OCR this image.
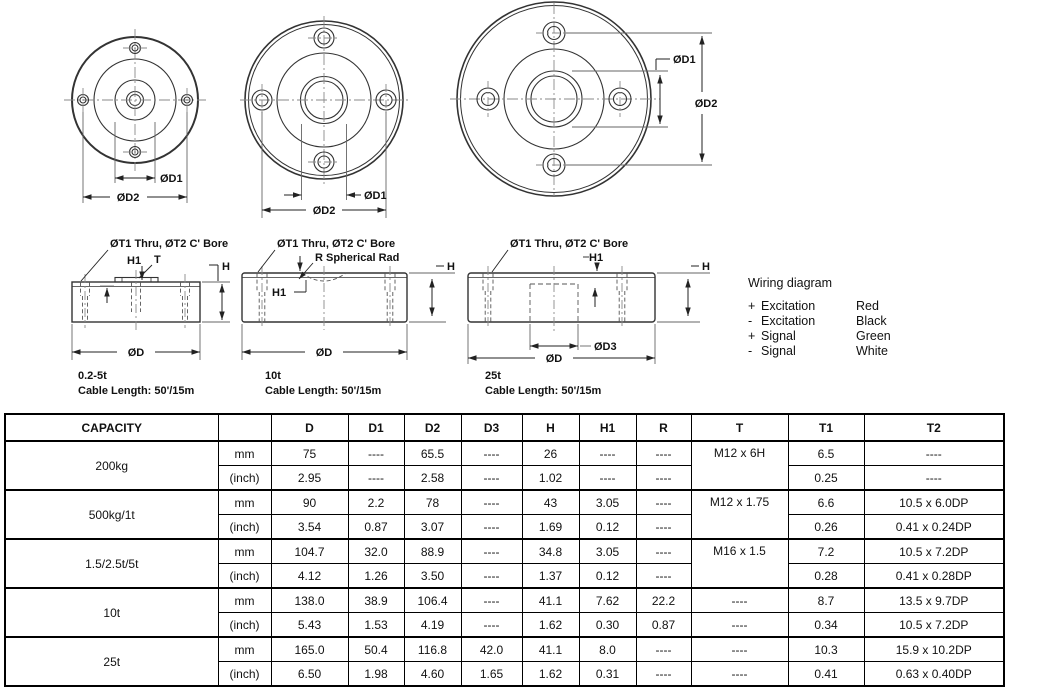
ØD1
ØD2	ØD1
ØD2
ØD1
ØD2
ØT1 Thru, ØT2 C' Bore
H1 T
H
ØD
0.2-5t
Cable Length: 50'/15m
ØT1 Thru, ØT2 C' Bore
R Spherical Rad
H1
H
ØD
10t
Cable Length: 50'/15m
ØT1 Thru, ØT2 C' Bore
H1
H
ØD3
ØD
25t
Cable Length: 50'/15m

Wiring diagram

+ Excitation	Red
- Excitation	Black
+ Signal	Green
- Signal	White
CAPACITY		D	D1	D2	D3	H	H1	R	T	T1	T2
200kg	mm	75	----	65.5	----	26	----	----	M12 x 6H	6.5	----
	(inch)	2.95	----	2.58	----	1.02	----	----		0.25	----
500kg/1t	mm	90	2.2	78	----	43	3.05	----	M12 x 1.75	6.6	10.5 x 6.0DP
	(inch)	3.54	0.87	3.07	----	1.69	0.12	----		0.26	0.41 x 0.24DP
1.5/2.5t/5t	mm	104.7	32.0	88.9	----	34.8	3.05	----	M16 x 1.5	7.2	10.5 x 7.2DP
	(inch)	4.12	1.26	3.50	----	1.37	0.12	----		0.28	0.41 x 0.28DP
10t	mm	138.0	38.9	106.4	----	41.1	7.62	22.2	----	8.7	13.5 x 9.7DP
	(inch)	5.43	1.53	4.19	----	1.62	0.30	0.87	----	0.34	10.5 x 7.2DP
25t	mm	165.0	50.4	116.8	42.0	41.1	8.0	----	----	10.3	15.9 x 10.2DP
	(inch)	6.50	1.98	4.60	1.65	1.62	0.31	----	----	0.41	0.63 x 0.40DP
